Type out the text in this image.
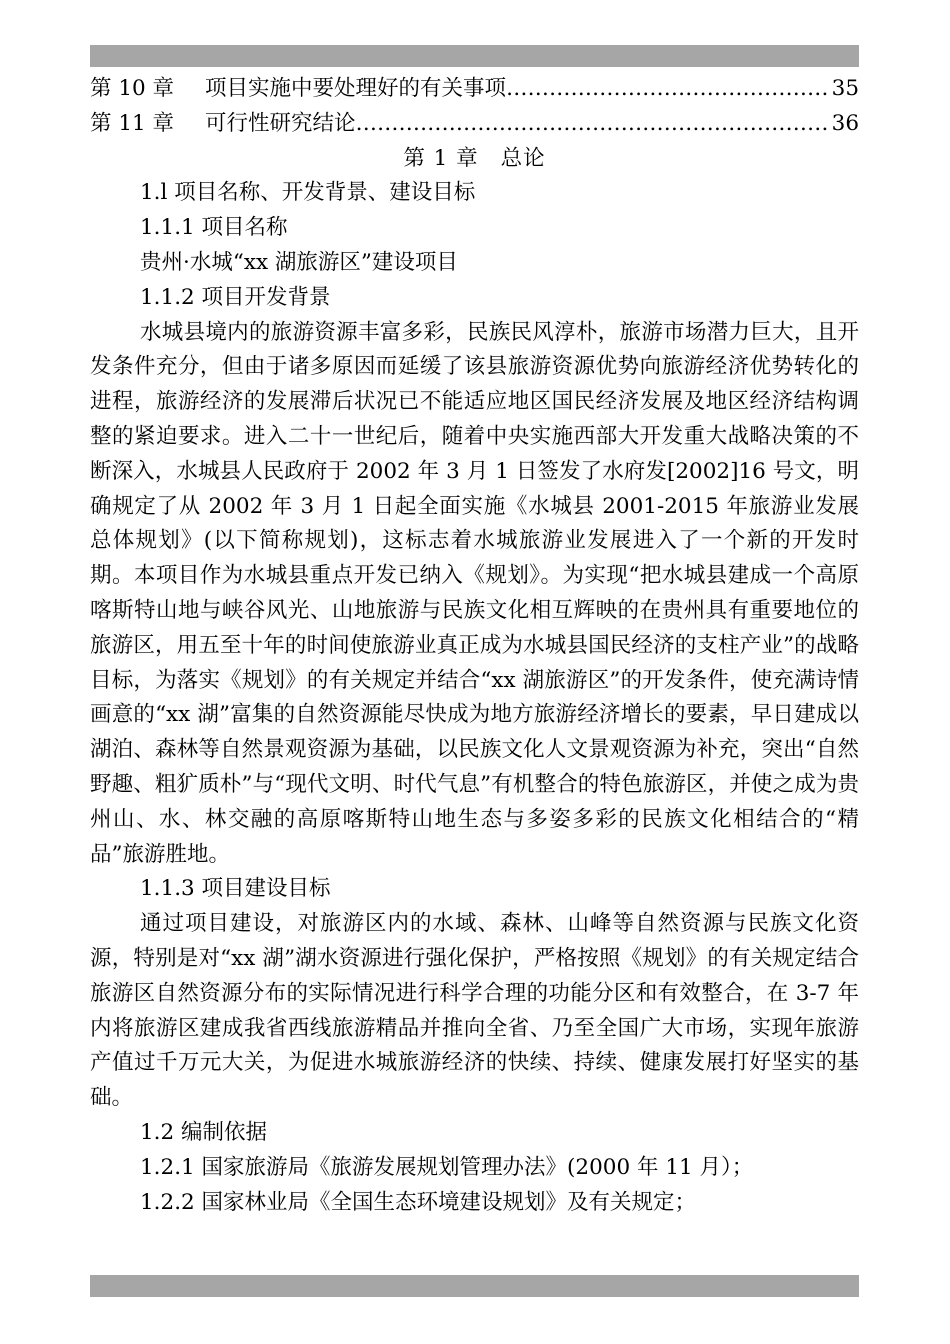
第 10 章	项目实施中要处理好的有关事项 …………………………………………………………………………………………………………	35
第 11 章	可行性研究结论 …………………………………………………………………………………………………………	36
第 1 章 总论
1.l 项目名称、开发背景、建设目标
1.1.1 项目名称
贵州·水城“xx 湖旅游区”建设项目
1.1.2 项目开发背景
水城县境内的旅游资源丰富多彩，民族民风淳朴，旅游市场潜力巨大，且开发条件充分，但由于诸多原因而延缓了该县旅游资源优势向旅游经济优势转化的进程，旅游经济的发展滞后状况已不能适应地区国民经济发展及地区经济结构调整的紧迫要求。进入二十一世纪后，随着中央实施西部大开发重大战略决策的不断深入，水城县人民政府于 2002 年 3 月 1 日签发了水府发[2002]16 号文，明确规定了从 2002 年 3 月 1 日起全面实施《水城县 2001-2015 年旅游业发展总体规划》(以下简称规划)，这标志着水城旅游业发展进入了一个新的开发时期。本项目作为水城县重点开发已纳入《规划》。为实现“把水城县建成一个高原喀斯特山地与峡谷风光、山地旅游与民族文化相互辉映的在贵州具有重要地位的旅游区，用五至十年的时间使旅游业真正成为水城县国民经济的支柱产业”的战略目标，为落实《规划》的有关规定并结合“xx 湖旅游区”的开发条件，使充满诗情画意的“xx 湖”富集的自然资源能尽快成为地方旅游经济增长的要素，早日建成以湖泊、森林等自然景观资源为基础，以民族文化人文景观资源为补充，突出“自然野趣、粗犷质朴”与“现代文明、时代气息”有机整合的特色旅游区，并使之成为贵州山、水、林交融的高原喀斯特山地生态与多姿多彩的民族文化相结合的“精品”旅游胜地。
1.1.3 项目建设目标
通过项目建设，对旅游区内的水域、森林、山峰等自然资源与民族文化资源，特别是对“xx 湖”湖水资源进行强化保护，严格按照《规划》的有关规定结合旅游区自然资源分布的实际情况进行科学合理的功能分区和有效整合，在 3-7 年内将旅游区建成我省西线旅游精品并推向全省、乃至全国广大市场，实现年旅游产值过千万元大关，为促进水城旅游经济的快续、持续、健康发展打好坚实的基础。
1.2 编制依据
1.2.1 国家旅游局《旅游发展规划管理办法》(2000 年 11 月）；
1.2.2 国家林业局《全国生态环境建设规划》及有关规定；
